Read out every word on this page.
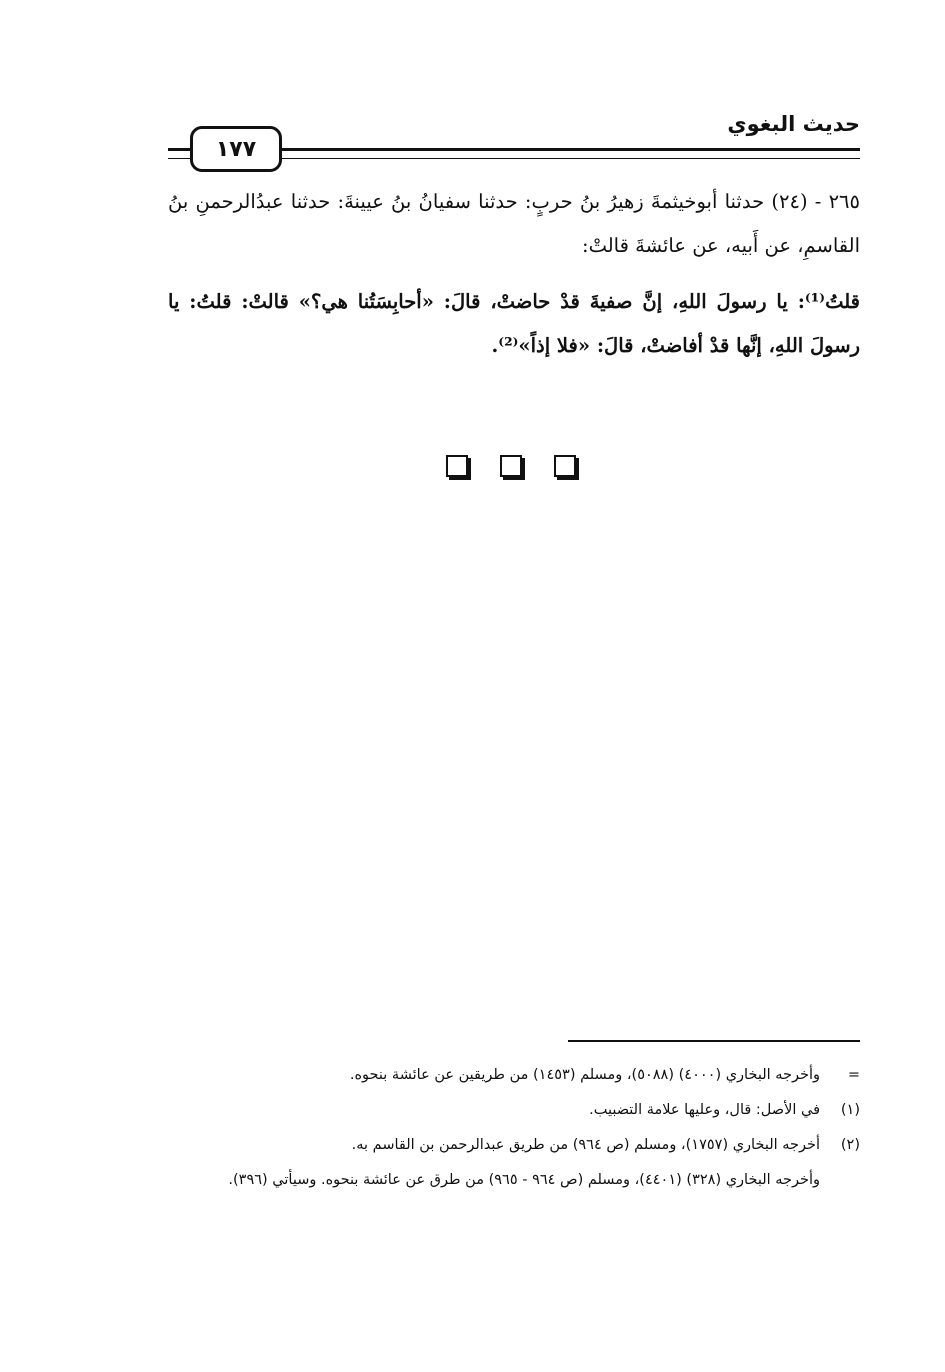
حديث البغوي
١٧٧

٢٦٥ - (٢٤) حدثنا أبوخيثمةَ زهيرُ بنُ حربٍ: حدثنا سفيانُ بنُ عيينةَ: حدثنا عبدُالرحمنِ بنُ القاسمِ، عن أَبيه، عن عائشةَ قالتْ:

قلتُ⁽¹⁾: يا رسولَ اللهِ، إنَّ صفيةَ قدْ حاضتْ، قالَ: «أحابِسَتُنا هي؟» قالتْ: قلتُ: يا رسولَ اللهِ، إنَّها قدْ أفاضتْ، قالَ: «فلا إذاً»⁽²⁾.

=
وأخرجه البخاري (٤٠٠٠) (٥٠٨٨)، ومسلم (١٤٥٣) من طريقين عن عائشة بنحوه.
(١)
في الأصل: قال، وعليها علامة التضبيب.
(٢)
أخرجه البخاري (١٧٥٧)، ومسلم (ص ٩٦٤) من طريق عبدالرحمن بن القاسم به.
وأخرجه البخاري (٣٢٨) (٤٤٠١)، ومسلم (ص ٩٦٤ - ٩٦٥) من طرق عن عائشة بنحوه. وسيأتي (٣٩٦).
